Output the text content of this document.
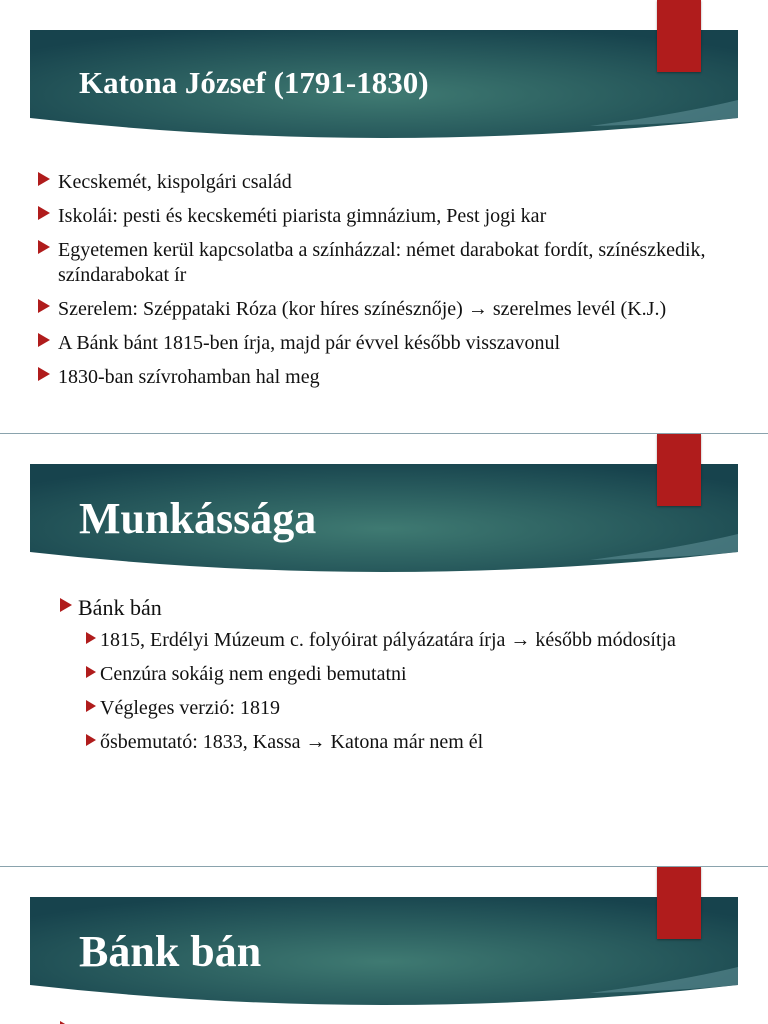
Katona József (1791-1830)
Kecskemét, kispolgári család
Iskolái: pesti és kecskeméti piarista gimnázium, Pest jogi kar
Egyetemen kerül kapcsolatba a színházzal: német darabokat fordít, színészkedik, színdarabokat ír
Szerelem: Széppataki Róza (kor híres színésznője) → szerelmes levél (K.J.)
A Bánk bánt 1815-ben írja, majd pár évvel később visszavonul
1830-ban szívrohamban hal meg
Munkássága
Bánk bán
1815, Erdélyi Múzeum c. folyóirat pályázatára írja → később módosítja
Cenzúra sokáig nem engedi bemutatni
Végleges verzió: 1819
ősbemutató: 1833, Kassa → Katona már nem él
Bánk bán
